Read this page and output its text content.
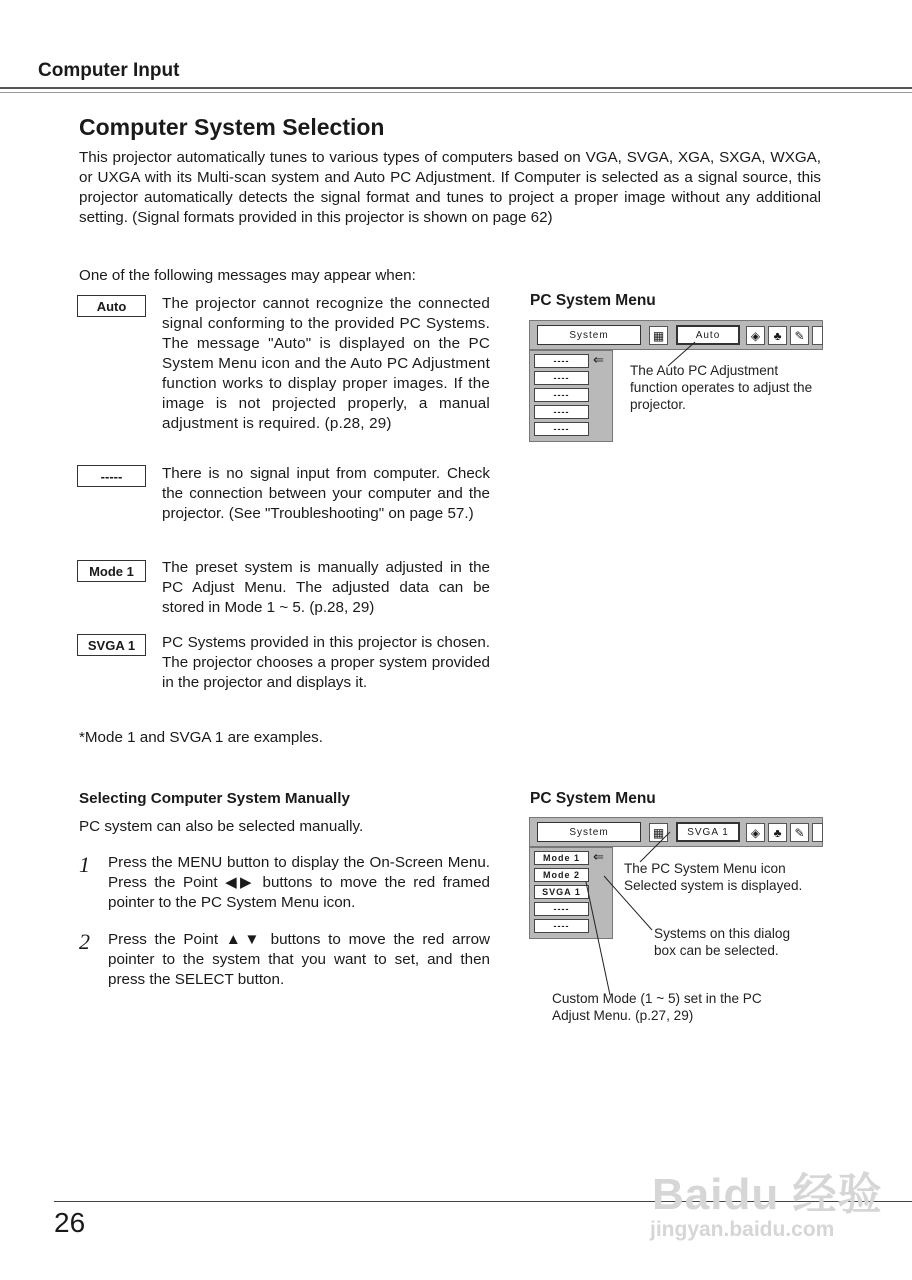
Computer Input
Computer System Selection
This projector automatically tunes to various types of computers based on VGA, SVGA, XGA, SXGA, WXGA, or UXGA with its Multi-scan system and Auto PC Adjustment. If Computer is selected as a signal source, this projector automatically detects the signal format and tunes to project a proper image without any additional setting. (Signal formats provided in this projector is shown on page 62)
One of the following messages may appear when:
Auto	The projector cannot recognize the connected signal conforming to the provided PC Systems. The message "Auto" is displayed on the PC System Menu icon and the Auto PC Adjustment function works to display proper images. If the image is not projected properly, a manual adjustment is required. (p.28, 29)
-----	There is no signal input from computer. Check the connection between your computer and the projector. (See "Troubleshooting" on page 57.)
Mode 1	The preset system is manually adjusted in the PC Adjust Menu. The adjusted data can be stored in Mode 1 ~ 5. (p.28, 29)
SVGA 1	PC Systems provided in this projector is chosen. The projector chooses a proper system provided in the projector and displays it.
*Mode 1 and SVGA 1 are examples.
PC System Menu
System	▦	Auto	◈	♣	✎
----
----
----
----
----
⇐
The Auto PC Adjustment function operates to adjust the projector.
Selecting Computer System Manually
PC system can also be selected manually.
1 Press the MENU button to display the On-Screen Menu. Press the Point ◀▶ buttons to move the red framed pointer to the PC System Menu icon.
2 Press the Point ▲▼ buttons to move the red arrow pointer to the system that you want to set, and then press the SELECT button.
PC System Menu
System	▦	SVGA 1	◈	♣	✎
Mode 1
Mode 2
SVGA 1
----
----
⇐
The PC System Menu icon Selected system is displayed.
Systems on this dialog box can be selected.
Custom Mode (1 ~ 5) set in the PC Adjust Menu. (p.27, 29)
26
Baidu 经验
jingyan.baidu.com
